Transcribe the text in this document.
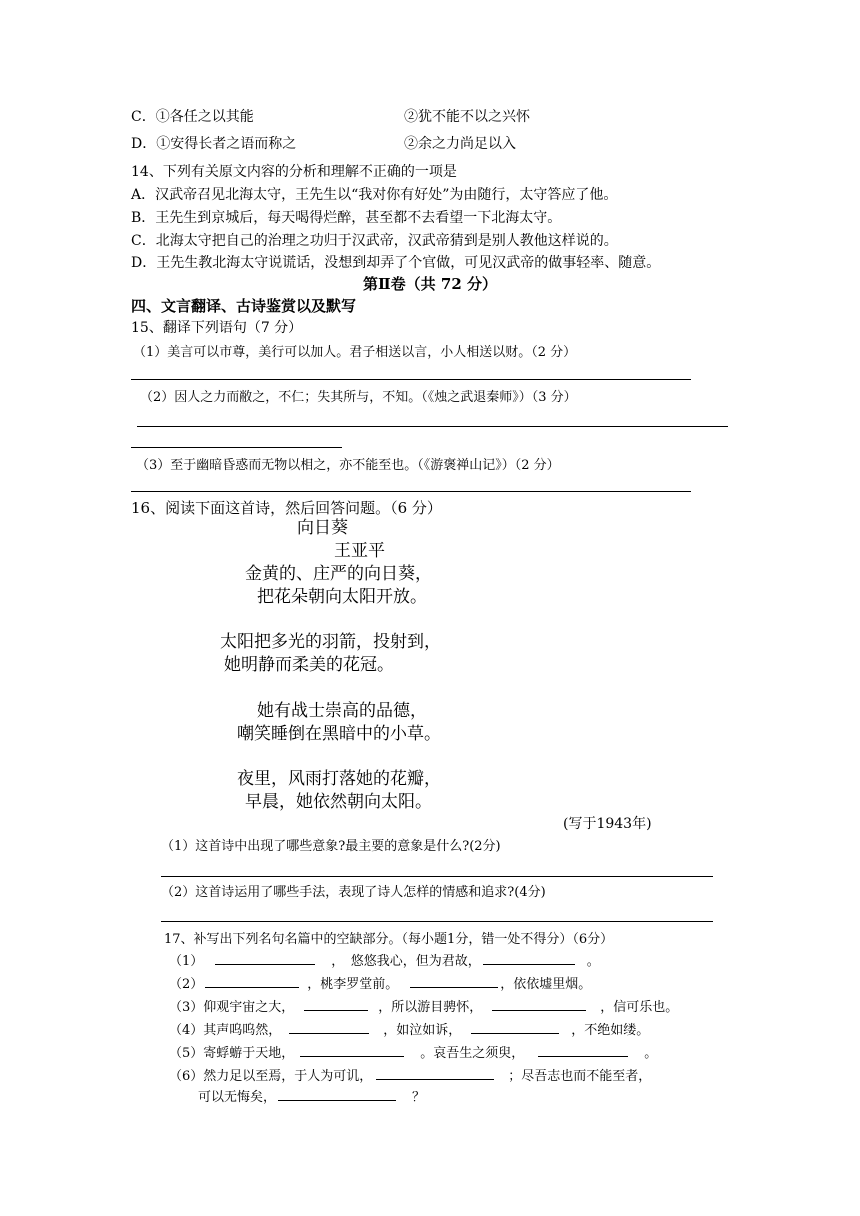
C．①各任之以其能	②犹不能不以之兴怀
D．①安得长者之语而称之	②余之力尚足以入
14、下列有关原文内容的分析和理解不正确的一项是
A．汉武帝召见北海太守，王先生以“我对你有好处”为由随行，太守答应了他。
B．王先生到京城后，每天喝得烂醉，甚至都不去看望一下北海太守。
C．北海太守把自己的治理之功归于汉武帝，汉武帝猜到是别人教他这样说的。
D．王先生教北海太守说谎话，没想到却弄了个官做，可见汉武帝的做事轻率、随意。
第Ⅱ卷（共 72 分）
四、文言翻译、古诗鉴赏以及默写
15、翻译下列语句（7 分）
（1）美言可以市尊，美行可以加人。君子相送以言，小人相送以财。（2 分）
（2）因人之力而敝之，不仁；失其所与，不知。（《烛之武退秦师》）（3 分）
（3）至于幽暗昏惑而无物以相之，亦不能至也。（《游褒禅山记》）（2 分）
16、阅读下面这首诗，然后回答问题。（6 分）
向日葵
王亚平
金黄的、庄严的向日葵，
把花朵朝向太阳开放。
太阳把多光的羽箭，投射到，
她明静而柔美的花冠。
她有战士崇高的品德，
嘲笑睡倒在黑暗中的小草。
夜里，风雨打落她的花瓣，
早晨，她依然朝向太阳。
(写于1943年)
（1）这首诗中出现了哪些意象?最主要的意象是什么?(2分)
（2）这首诗运用了哪些手法，表现了诗人怎样的情感和追求?(4分)
17、补写出下列名句名篇中的空缺部分。（每小题1分，错一处不得分）（6分）
（1）	，　悠悠我心，但为君故，	。
（2）	，桃李罗堂前。	，依依墟里烟。
（3）仰观宇宙之大，	，所以游目骋怀，	，信可乐也。
（4）其声呜呜然，	，如泣如诉，	，不绝如缕。
（5）寄蜉蝣于天地，	。哀吾生之须臾，	。
（6）然力足以至焉，于人为可讥，	；尽吾志也而不能至者，
可以无悔矣，	？
